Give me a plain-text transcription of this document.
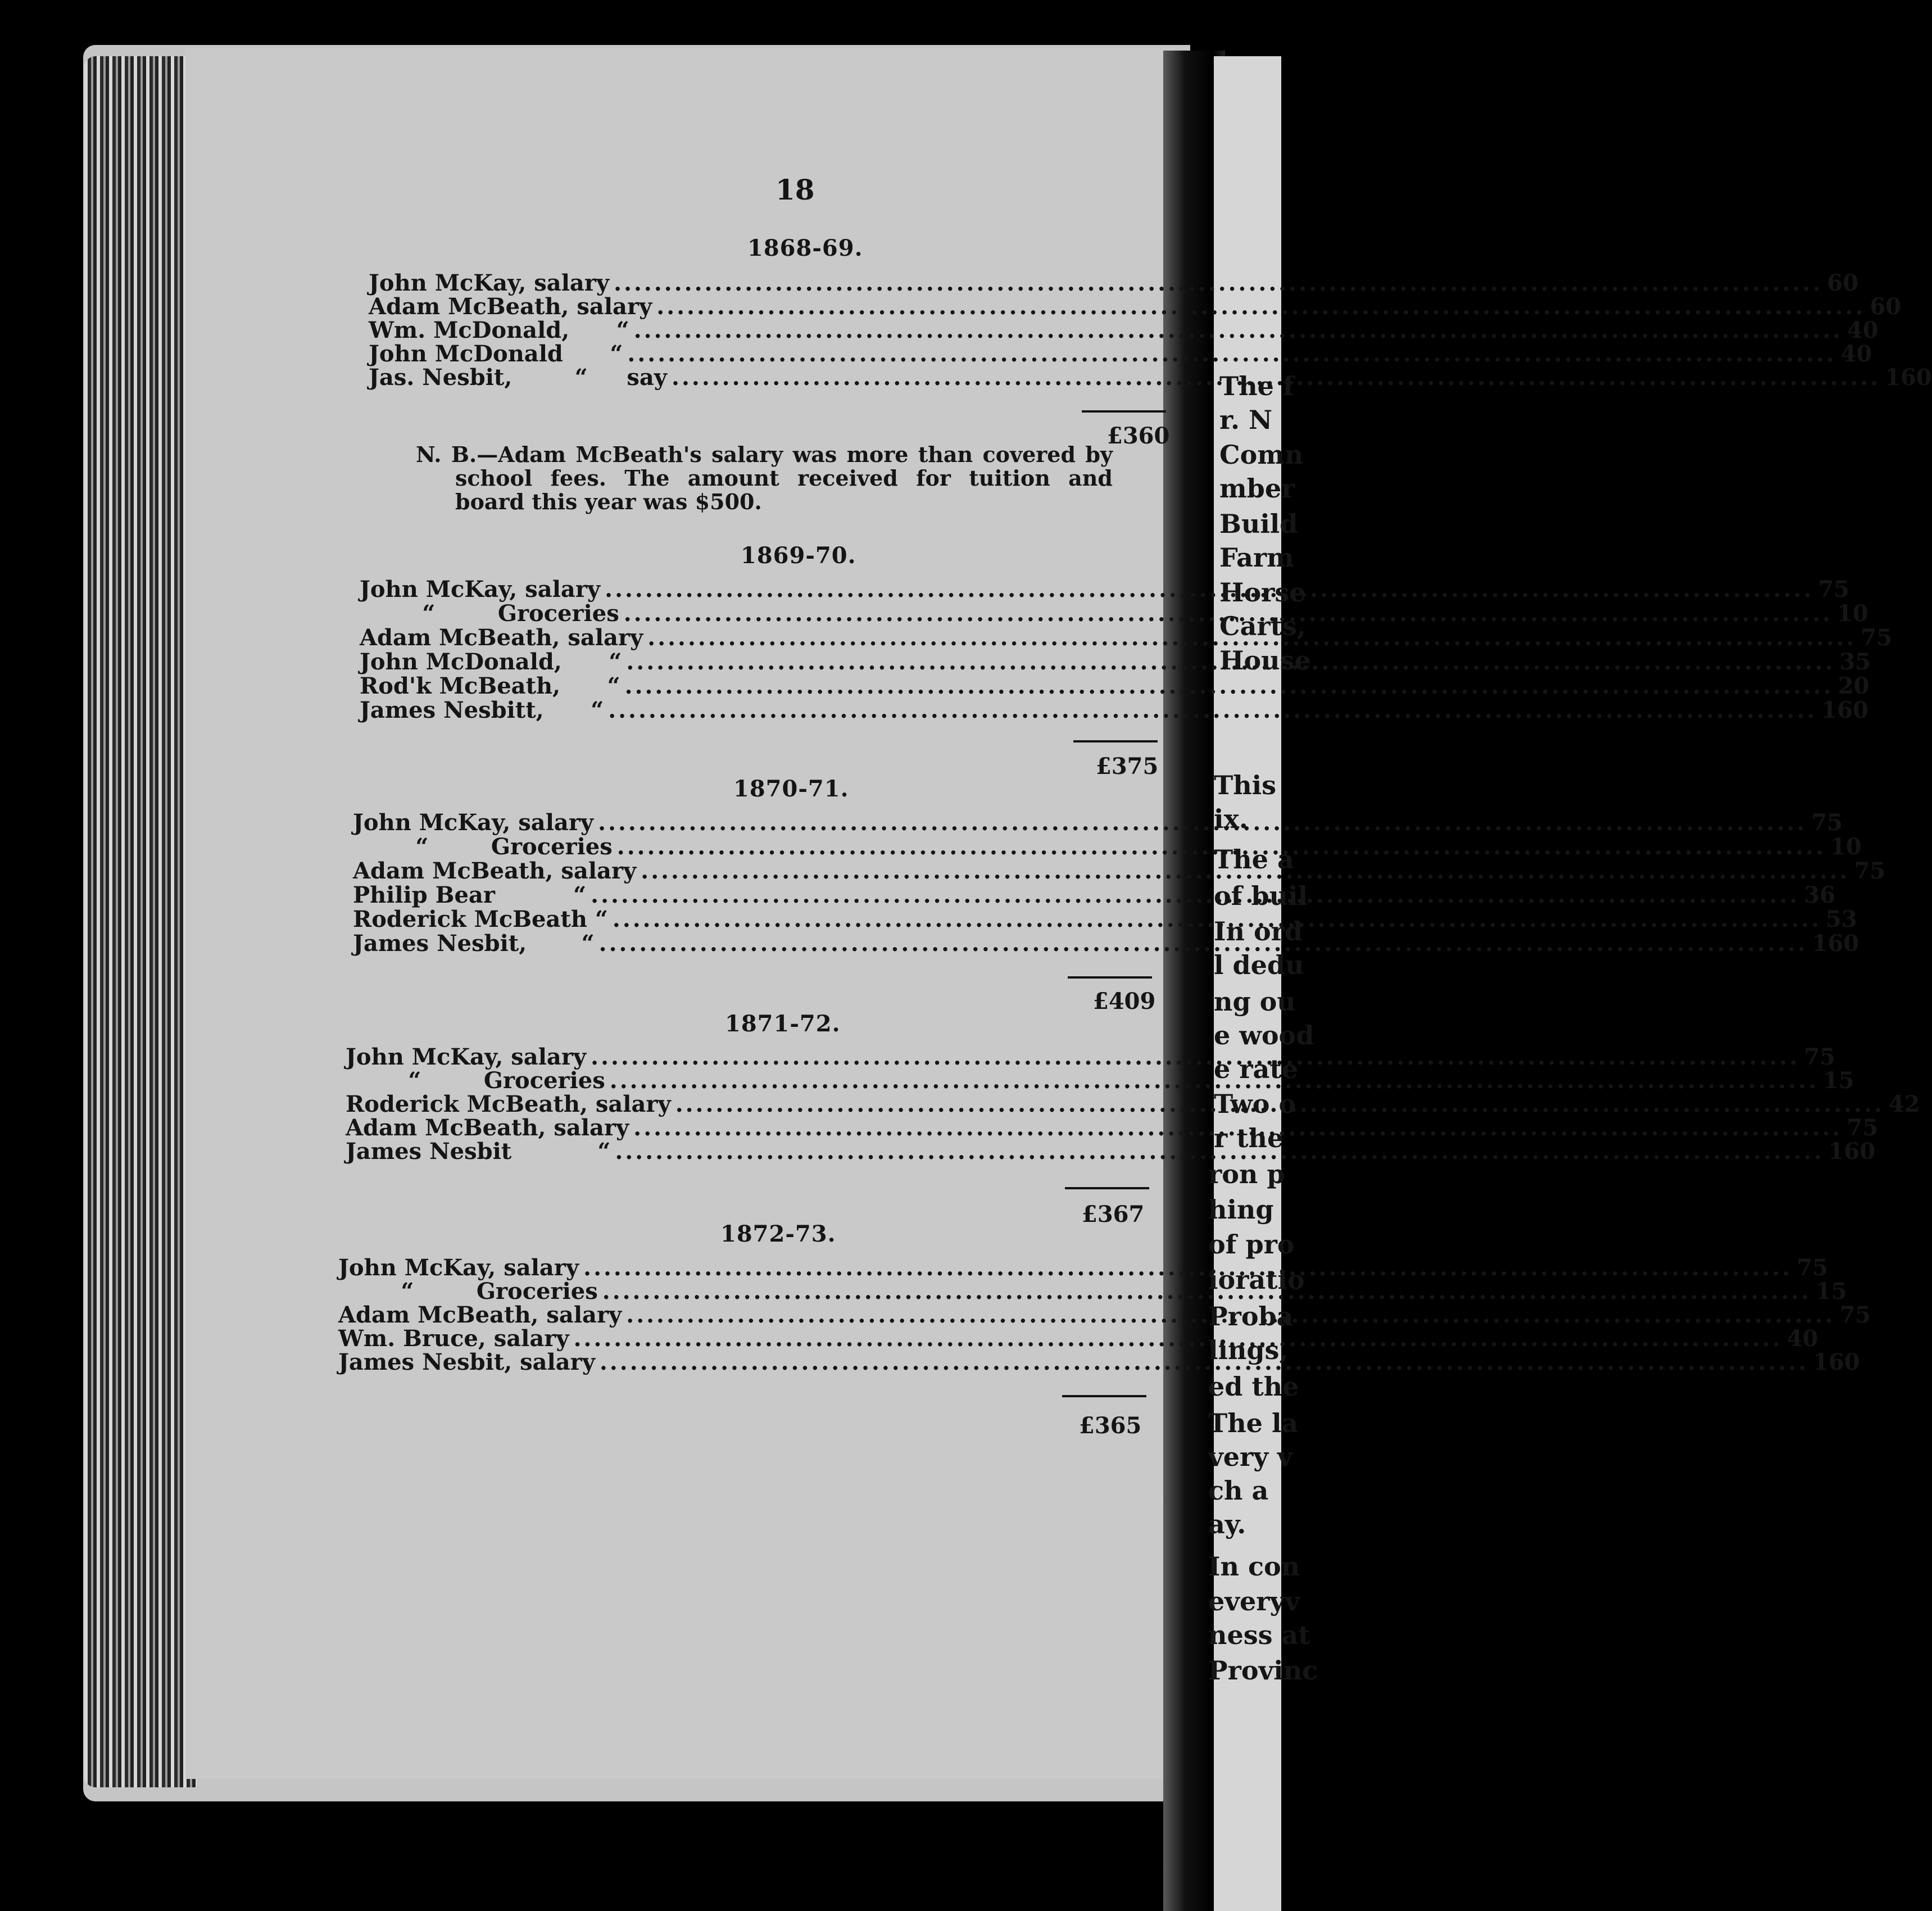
The f
r. N
Comn
mber
Build
Farm
Horse
Carts,
House
This
ix.
The a
of buil
In ord
l dedu
ng ou
e wood
e rate
Two o
r the
ron p
hing
of pro
ioratio
Proba
lings,
ed the
The la
very v
ch a
ay.
In con
everyv
ness at
Provinc
18
1868-69.
John McKay, salary .....	60
Adam McBeath, salary .....	60
Wm. McDonald,      “ .....	40
John McDonald      “ .....	40
Jas. Nesbit,        “     say .....	160
£360
1869-70.
John McKay, salary .....	75
“        Groceries .....	10
Adam McBeath, salary .....	75
John McDonald,      “ .....	35
Rod'k McBeath,      “ .....	20
James Nesbitt,      “ .....	160
£375
1870-71.
John McKay, salary .....	75
“        Groceries .....	10
Adam McBeath, salary .....	75
Philip Bear          “ .....	36
Roderick McBeath “ .....	53
James Nesbit,       “ .....	160
£409
1871-72.
John McKay, salary .....	75
“        Groceries .....	15
Roderick McBeath, salary .....	42
Adam McBeath, salary .....	75
James Nesbit           “ .....	160
£367
1872-73.
John McKay, salary .....	75
“        Groceries .....	15
Adam McBeath, salary .....	75
Wm. Bruce, salary .....	40
James Nesbit, salary .....	160
£365
N. B.—Adam McBeath's salary was more than covered by school fees. The amount received for tuition and board this year was $500.
